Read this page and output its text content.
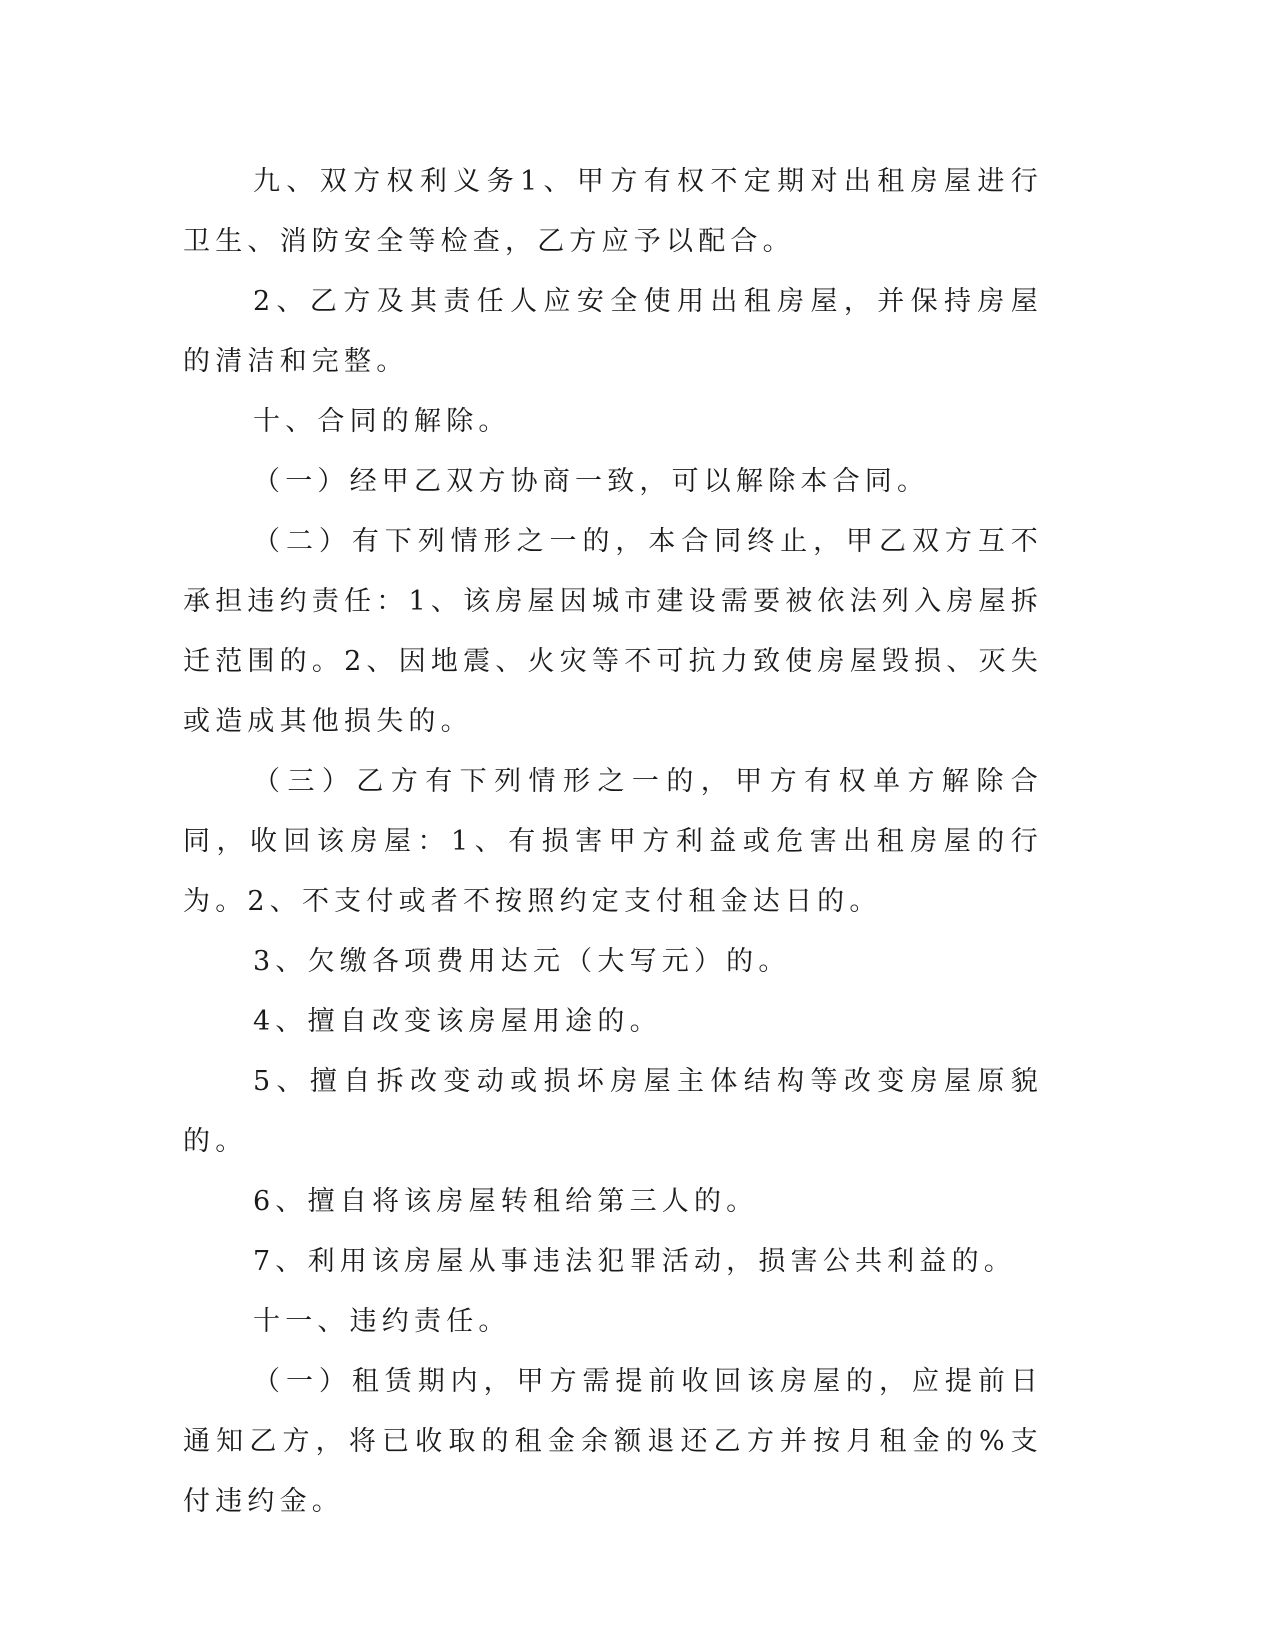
九、双方权利义务1、甲方有权不定期对出租房屋进行卫生、消防安全等检查，乙方应予以配合。

2、乙方及其责任人应安全使用出租房屋，并保持房屋的清洁和完整。

十、合同的解除。

（一）经甲乙双方协商一致，可以解除本合同。

（二）有下列情形之一的，本合同终止，甲乙双方互不承担违约责任：1、该房屋因城市建设需要被依法列入房屋拆迁范围的。2、因地震、火灾等不可抗力致使房屋毁损、灭失或造成其他损失的。

（三）乙方有下列情形之一的，甲方有权单方解除合同，收回该房屋：1、有损害甲方利益或危害出租房屋的行为。2、不支付或者不按照约定支付租金达日的。

3、欠缴各项费用达元（大写元）的。

4、擅自改变该房屋用途的。

5、擅自拆改变动或损坏房屋主体结构等改变房屋原貌的。

6、擅自将该房屋转租给第三人的。

7、利用该房屋从事违法犯罪活动，损害公共利益的。

十一、违约责任。

（一）租赁期内，甲方需提前收回该房屋的，应提前日通知乙方，将已收取的租金余额退还乙方并按月租金的%支付违约金。
